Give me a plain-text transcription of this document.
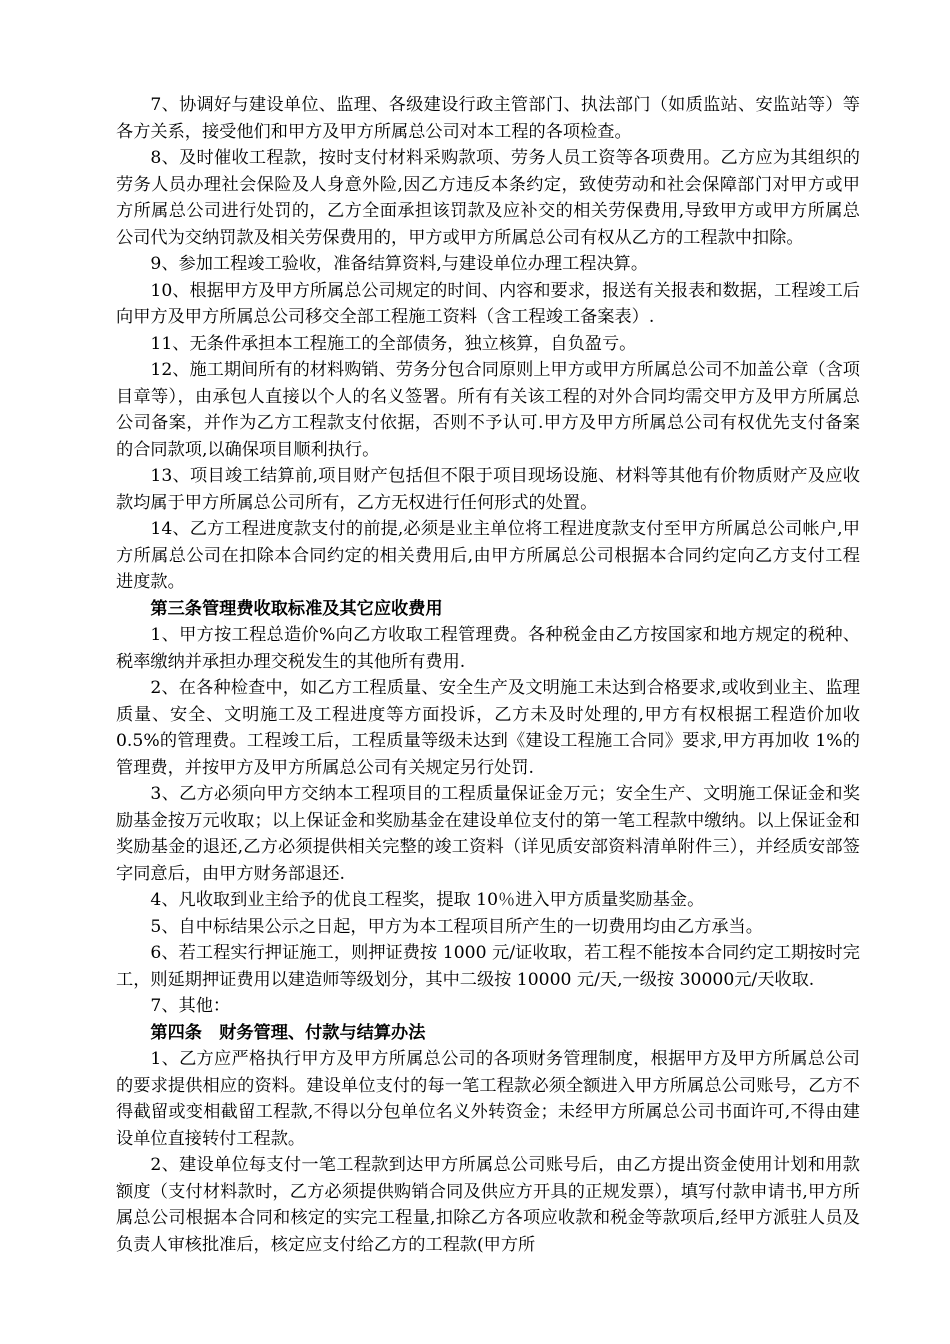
7、协调好与建设单位、监理、各级建设行政主管部门、执法部门（如质监站、安监站等）等各方关系，接受他们和甲方及甲方所属总公司对本工程的各项检查。

8、及时催收工程款，按时支付材料采购款项、劳务人员工资等各项费用。乙方应为其组织的劳务人员办理社会保险及人身意外险,因乙方违反本条约定，致使劳动和社会保障部门对甲方或甲方所属总公司进行处罚的，乙方全面承担该罚款及应补交的相关劳保费用,导致甲方或甲方所属总公司代为交纳罚款及相关劳保费用的，甲方或甲方所属总公司有权从乙方的工程款中扣除。

9、参加工程竣工验收，准备结算资料,与建设单位办理工程决算。

10、根据甲方及甲方所属总公司规定的时间、内容和要求，报送有关报表和数据，工程竣工后向甲方及甲方所属总公司移交全部工程施工资料（含工程竣工备案表）.

11、无条件承担本工程施工的全部债务，独立核算，自负盈亏。

12、施工期间所有的材料购销、劳务分包合同原则上甲方或甲方所属总公司不加盖公章（含项目章等），由承包人直接以个人的名义签署。所有有关该工程的对外合同均需交甲方及甲方所属总公司备案，并作为乙方工程款支付依据，否则不予认可.甲方及甲方所属总公司有权优先支付备案的合同款项,以确保项目顺利执行。

13、项目竣工结算前,项目财产包括但不限于项目现场设施、材料等其他有价物质财产及应收款均属于甲方所属总公司所有，乙方无权进行任何形式的处置。

14、乙方工程进度款支付的前提,必须是业主单位将工程进度款支付至甲方所属总公司帐户,甲方所属总公司在扣除本合同约定的相关费用后,由甲方所属总公司根据本合同约定向乙方支付工程进度款。

第三条管理费收取标准及其它应收费用

1、甲方按工程总造价%向乙方收取工程管理费。各种税金由乙方按国家和地方规定的税种、税率缴纳并承担办理交税发生的其他所有费用.

2、在各种检查中，如乙方工程质量、安全生产及文明施工未达到合格要求,或收到业主、监理质量、安全、文明施工及工程进度等方面投诉，乙方未及时处理的,甲方有权根据工程造价加收 0.5%的管理费。工程竣工后，工程质量等级未达到《建设工程施工合同》要求,甲方再加收 1%的管理费，并按甲方及甲方所属总公司有关规定另行处罚.

3、乙方必须向甲方交纳本工程项目的工程质量保证金万元；安全生产、文明施工保证金和奖励基金按万元收取；以上保证金和奖励基金在建设单位支付的第一笔工程款中缴纳。以上保证金和奖励基金的退还,乙方必须提供相关完整的竣工资料（详见质安部资料清单附件三），并经质安部签字同意后，由甲方财务部退还.

4、凡收取到业主给予的优良工程奖，提取 10％进入甲方质量奖励基金。

5、自中标结果公示之日起，甲方为本工程项目所产生的一切费用均由乙方承当。

6、若工程实行押证施工，则押证费按 1000 元/证收取，若工程不能按本合同约定工期按时完工，则延期押证费用以建造师等级划分，其中二级按 10000 元/天,一级按 30000元/天收取.

7、其他：

第四条　财务管理、付款与结算办法

1、乙方应严格执行甲方及甲方所属总公司的各项财务管理制度，根据甲方及甲方所属总公司的要求提供相应的资料。建设单位支付的每一笔工程款必须全额进入甲方所属总公司账号，乙方不得截留或变相截留工程款,不得以分包单位名义外转资金；未经甲方所属总公司书面许可,不得由建设单位直接转付工程款。

2、建设单位每支付一笔工程款到达甲方所属总公司账号后，由乙方提出资金使用计划和用款额度（支付材料款时，乙方必须提供购销合同及供应方开具的正规发票），填写付款申请书,甲方所属总公司根据本合同和核定的实完工程量,扣除乙方各项应收款和税金等款项后,经甲方派驻人员及负责人审核批准后，核定应支付给乙方的工程款(甲方所
